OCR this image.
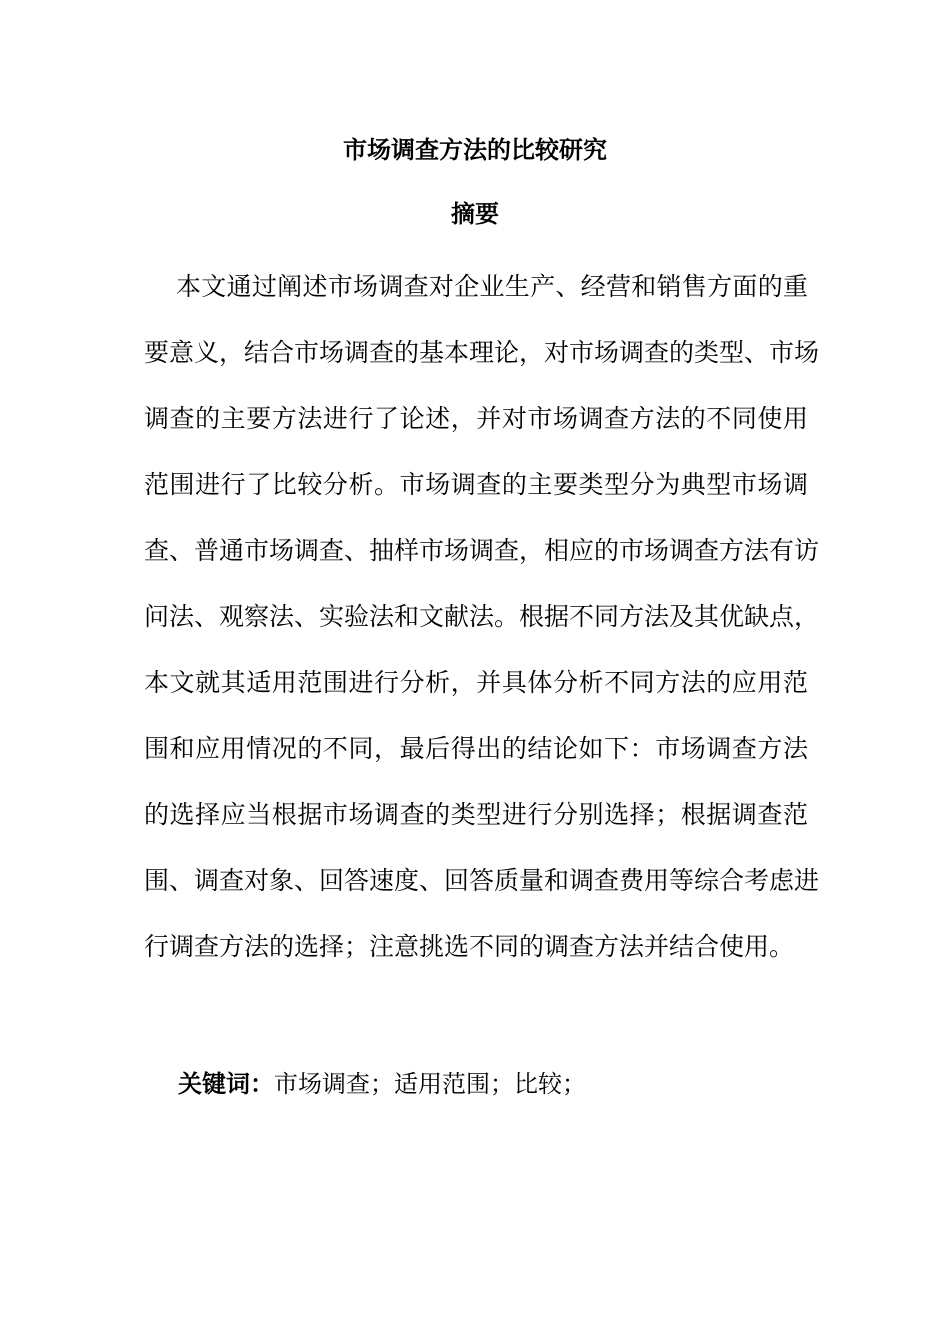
市场调查方法的比较研究
摘要
本文通过阐述市场调查对企业生产、经营和销售方面的重
要意义，结合市场调查的基本理论，对市场调查的类型、市场
调查的主要方法进行了论述，并对市场调查方法的不同使用
范围进行了比较分析。市场调查的主要类型分为典型市场调
查、普通市场调查、抽样市场调查，相应的市场调查方法有访
问法、观察法、实验法和文献法。根据不同方法及其优缺点，
本文就其适用范围进行分析，并具体分析不同方法的应用范
围和应用情况的不同，最后得出的结论如下：市场调查方法
的选择应当根据市场调查的类型进行分别选择；根据调查范
围、调查对象、回答速度、回答质量和调查费用等综合考虑进
行调查方法的选择；注意挑选不同的调查方法并结合使用。
关键词：市场调查；适用范围；比较；
